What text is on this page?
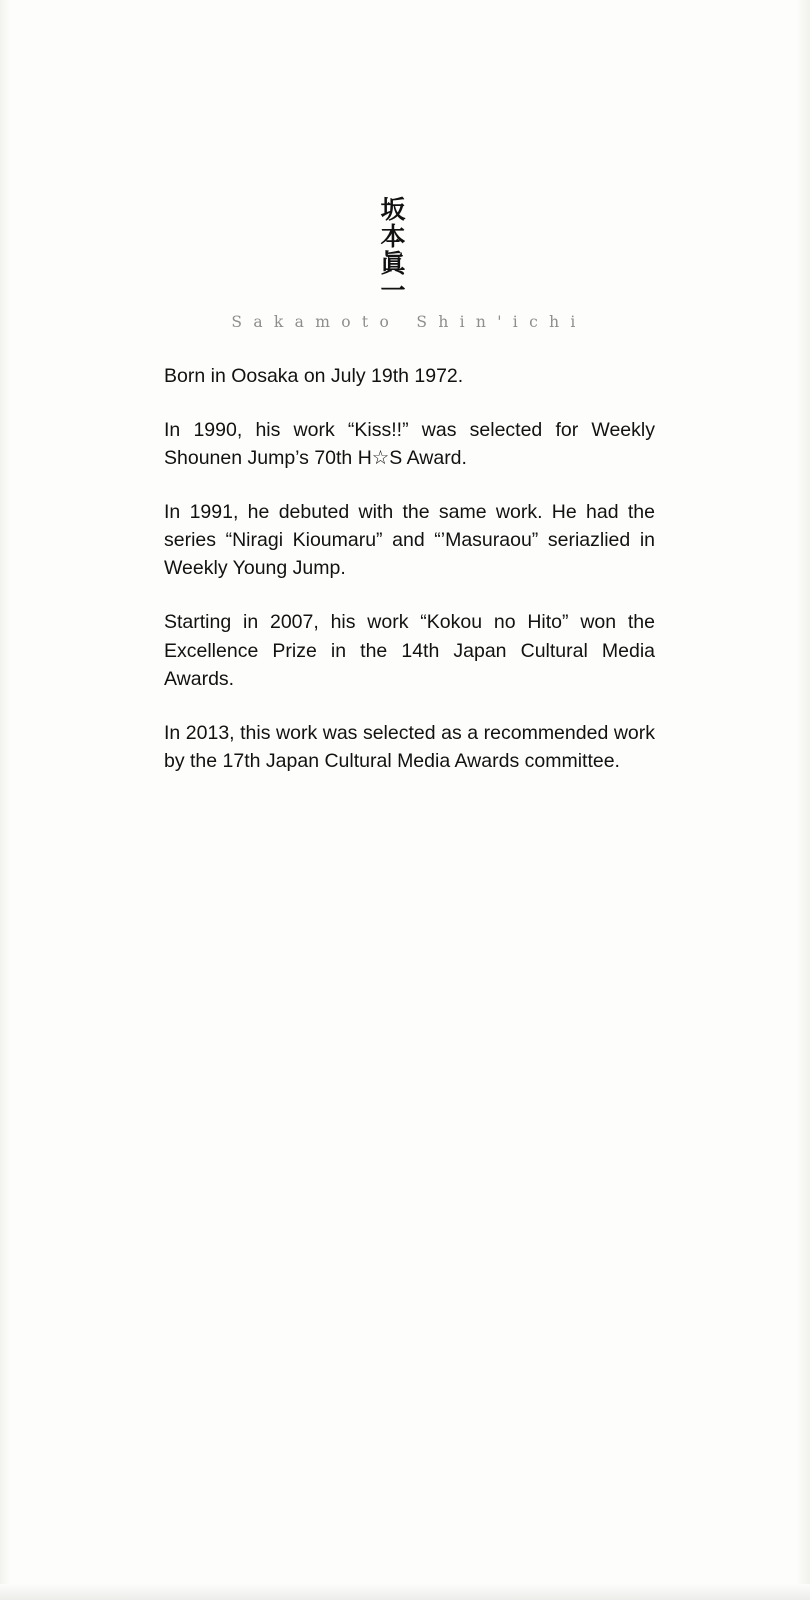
坂
本
眞
一
S a k a m o t o   S h i n ' i c h i

Born in Oosaka on July 19th 1972.

In 1990, his work “Kiss!!” was selected for Weekly Shounen Jump’s 70th H☆S Award.

In 1991, he debuted with the same work. He had the series “Niragi Kioumaru” and “’Masuraou” seriazlied in Weekly Young Jump.

Starting in 2007, his work “Kokou no Hito” won the Excellence Prize in the 14th Japan Cultural Media Awards.

In 2013, this work was selected as a recommended work by the 17th Japan Cultural Media Awards committee.
